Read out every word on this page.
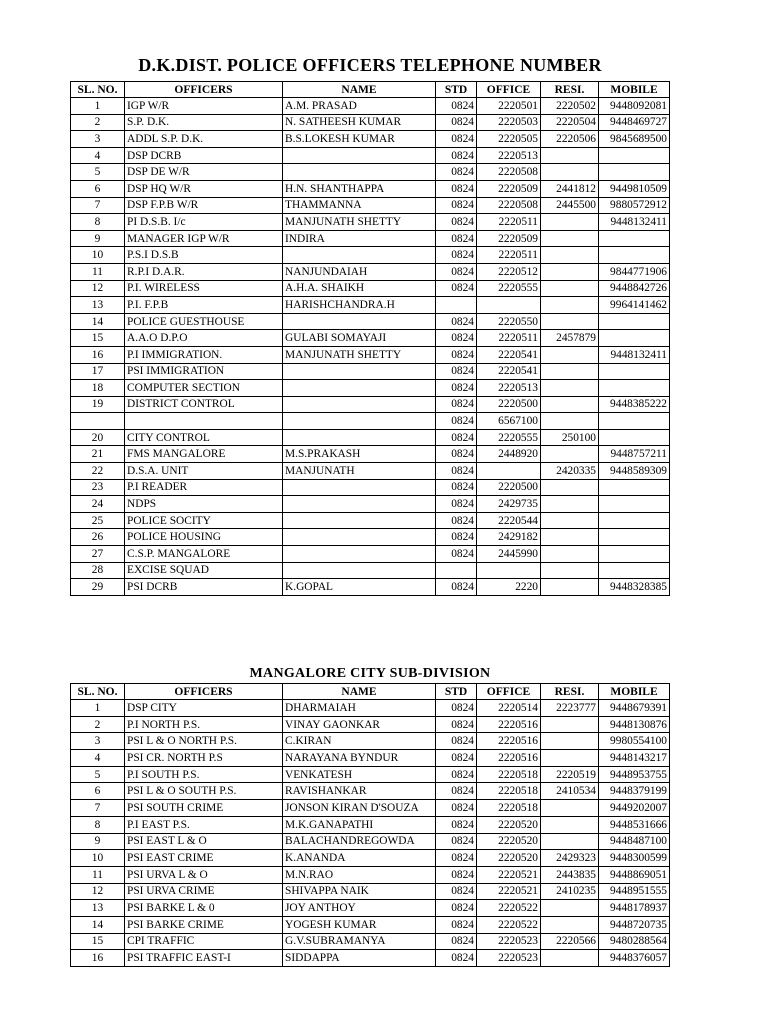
D.K.DIST. POLICE OFFICERS TELEPHONE NUMBER
SL. NO.	OFFICERS	NAME	STD	OFFICE	RESI.	MOBILE
1	IGP W/R	A.M. PRASAD	0824	2220501	2220502	9448092081
2	S.P. D.K.	N. SATHEESH KUMAR	0824	2220503	2220504	9448469727
3	ADDL S.P. D.K.	B.S.LOKESH KUMAR	0824	2220505	2220506	9845689500
4	DSP DCRB		0824	2220513		
5	DSP DE W/R		0824	2220508		
6	DSP HQ W/R	H.N. SHANTHAPPA	0824	2220509	2441812	9449810509
7	DSP F.P.B W/R	THAMMANNA	0824	2220508	2445500	9880572912
8	PI D.S.B. I/c	MANJUNATH SHETTY	0824	2220511		9448132411
9	MANAGER IGP W/R	INDIRA	0824	2220509		
10	P.S.I D.S.B		0824	2220511		
11	R.P.I D.A.R.	NANJUNDAIAH	0824	2220512		9844771906
12	P.I. WIRELESS	A.H.A. SHAIKH	0824	2220555		9448842726
13	P.I. F.P.B	HARISHCHANDRA.H				9964141462
14	POLICE GUESTHOUSE		0824	2220550		
15	A.A.O D.P.O	GULABI SOMAYAJI	0824	2220511	2457879	
16	P.I IMMIGRATION.	MANJUNATH SHETTY	0824	2220541		9448132411
17	PSI IMMIGRATION		0824	2220541		
18	COMPUTER SECTION		0824	2220513		
19	DISTRICT CONTROL		0824	2220500		9448385222
			0824	6567100		
20	CITY CONTROL		0824	2220555	250100	
21	FMS MANGALORE	M.S.PRAKASH	0824	2448920		9448757211
22	D.S.A. UNIT	MANJUNATH	0824		2420335	9448589309
23	P.I READER		0824	2220500		
24	NDPS		0824	2429735		
25	POLICE SOCITY		0824	2220544		
26	POLICE HOUSING		0824	2429182		
27	C.S.P. MANGALORE		0824	2445990		
28	EXCISE SQUAD					
29	PSI DCRB	K.GOPAL	0824	2220		9448328385
MANGALORE CITY SUB-DIVISION
SL. NO.	OFFICERS	NAME	STD	OFFICE	RESI.	MOBILE
1	DSP CITY	DHARMAIAH	0824	2220514	2223777	9448679391
2	P.I NORTH P.S.	VINAY GAONKAR	0824	2220516		9448130876
3	PSI L & O NORTH P.S.	C.KIRAN	0824	2220516		9980554100
4	PSI CR. NORTH P.S	NARAYANA BYNDUR	0824	2220516		9448143217
5	P.I SOUTH P.S.	VENKATESH	0824	2220518	2220519	9448953755
6	PSI L & O SOUTH P.S.	RAVISHANKAR	0824	2220518	2410534	9448379199
7	PSI SOUTH CRIME	JONSON KIRAN D'SOUZA	0824	2220518		9449202007
8	P.I EAST P.S.	M.K.GANAPATHI	0824	2220520		9448531666
9	PSI EAST L & O	BALACHANDREGOWDA	0824	2220520		9448487100
10	PSI EAST CRIME	K.ANANDA	0824	2220520	2429323	9448300599
11	PSI URVA L & O	M.N.RAO	0824	2220521	2443835	9448869051
12	PSI URVA CRIME	SHIVAPPA NAIK	0824	2220521	2410235	9448951555
13	PSI BARKE L & 0	JOY ANTHOY	0824	2220522		9448178937
14	PSI BARKE CRIME	YOGESH KUMAR	0824	2220522		9448720735
15	CPI TRAFFIC	G.V.SUBRAMANYA	0824	2220523	2220566	9480288564
16	PSI TRAFFIC EAST-I	SIDDAPPA	0824	2220523		9448376057
